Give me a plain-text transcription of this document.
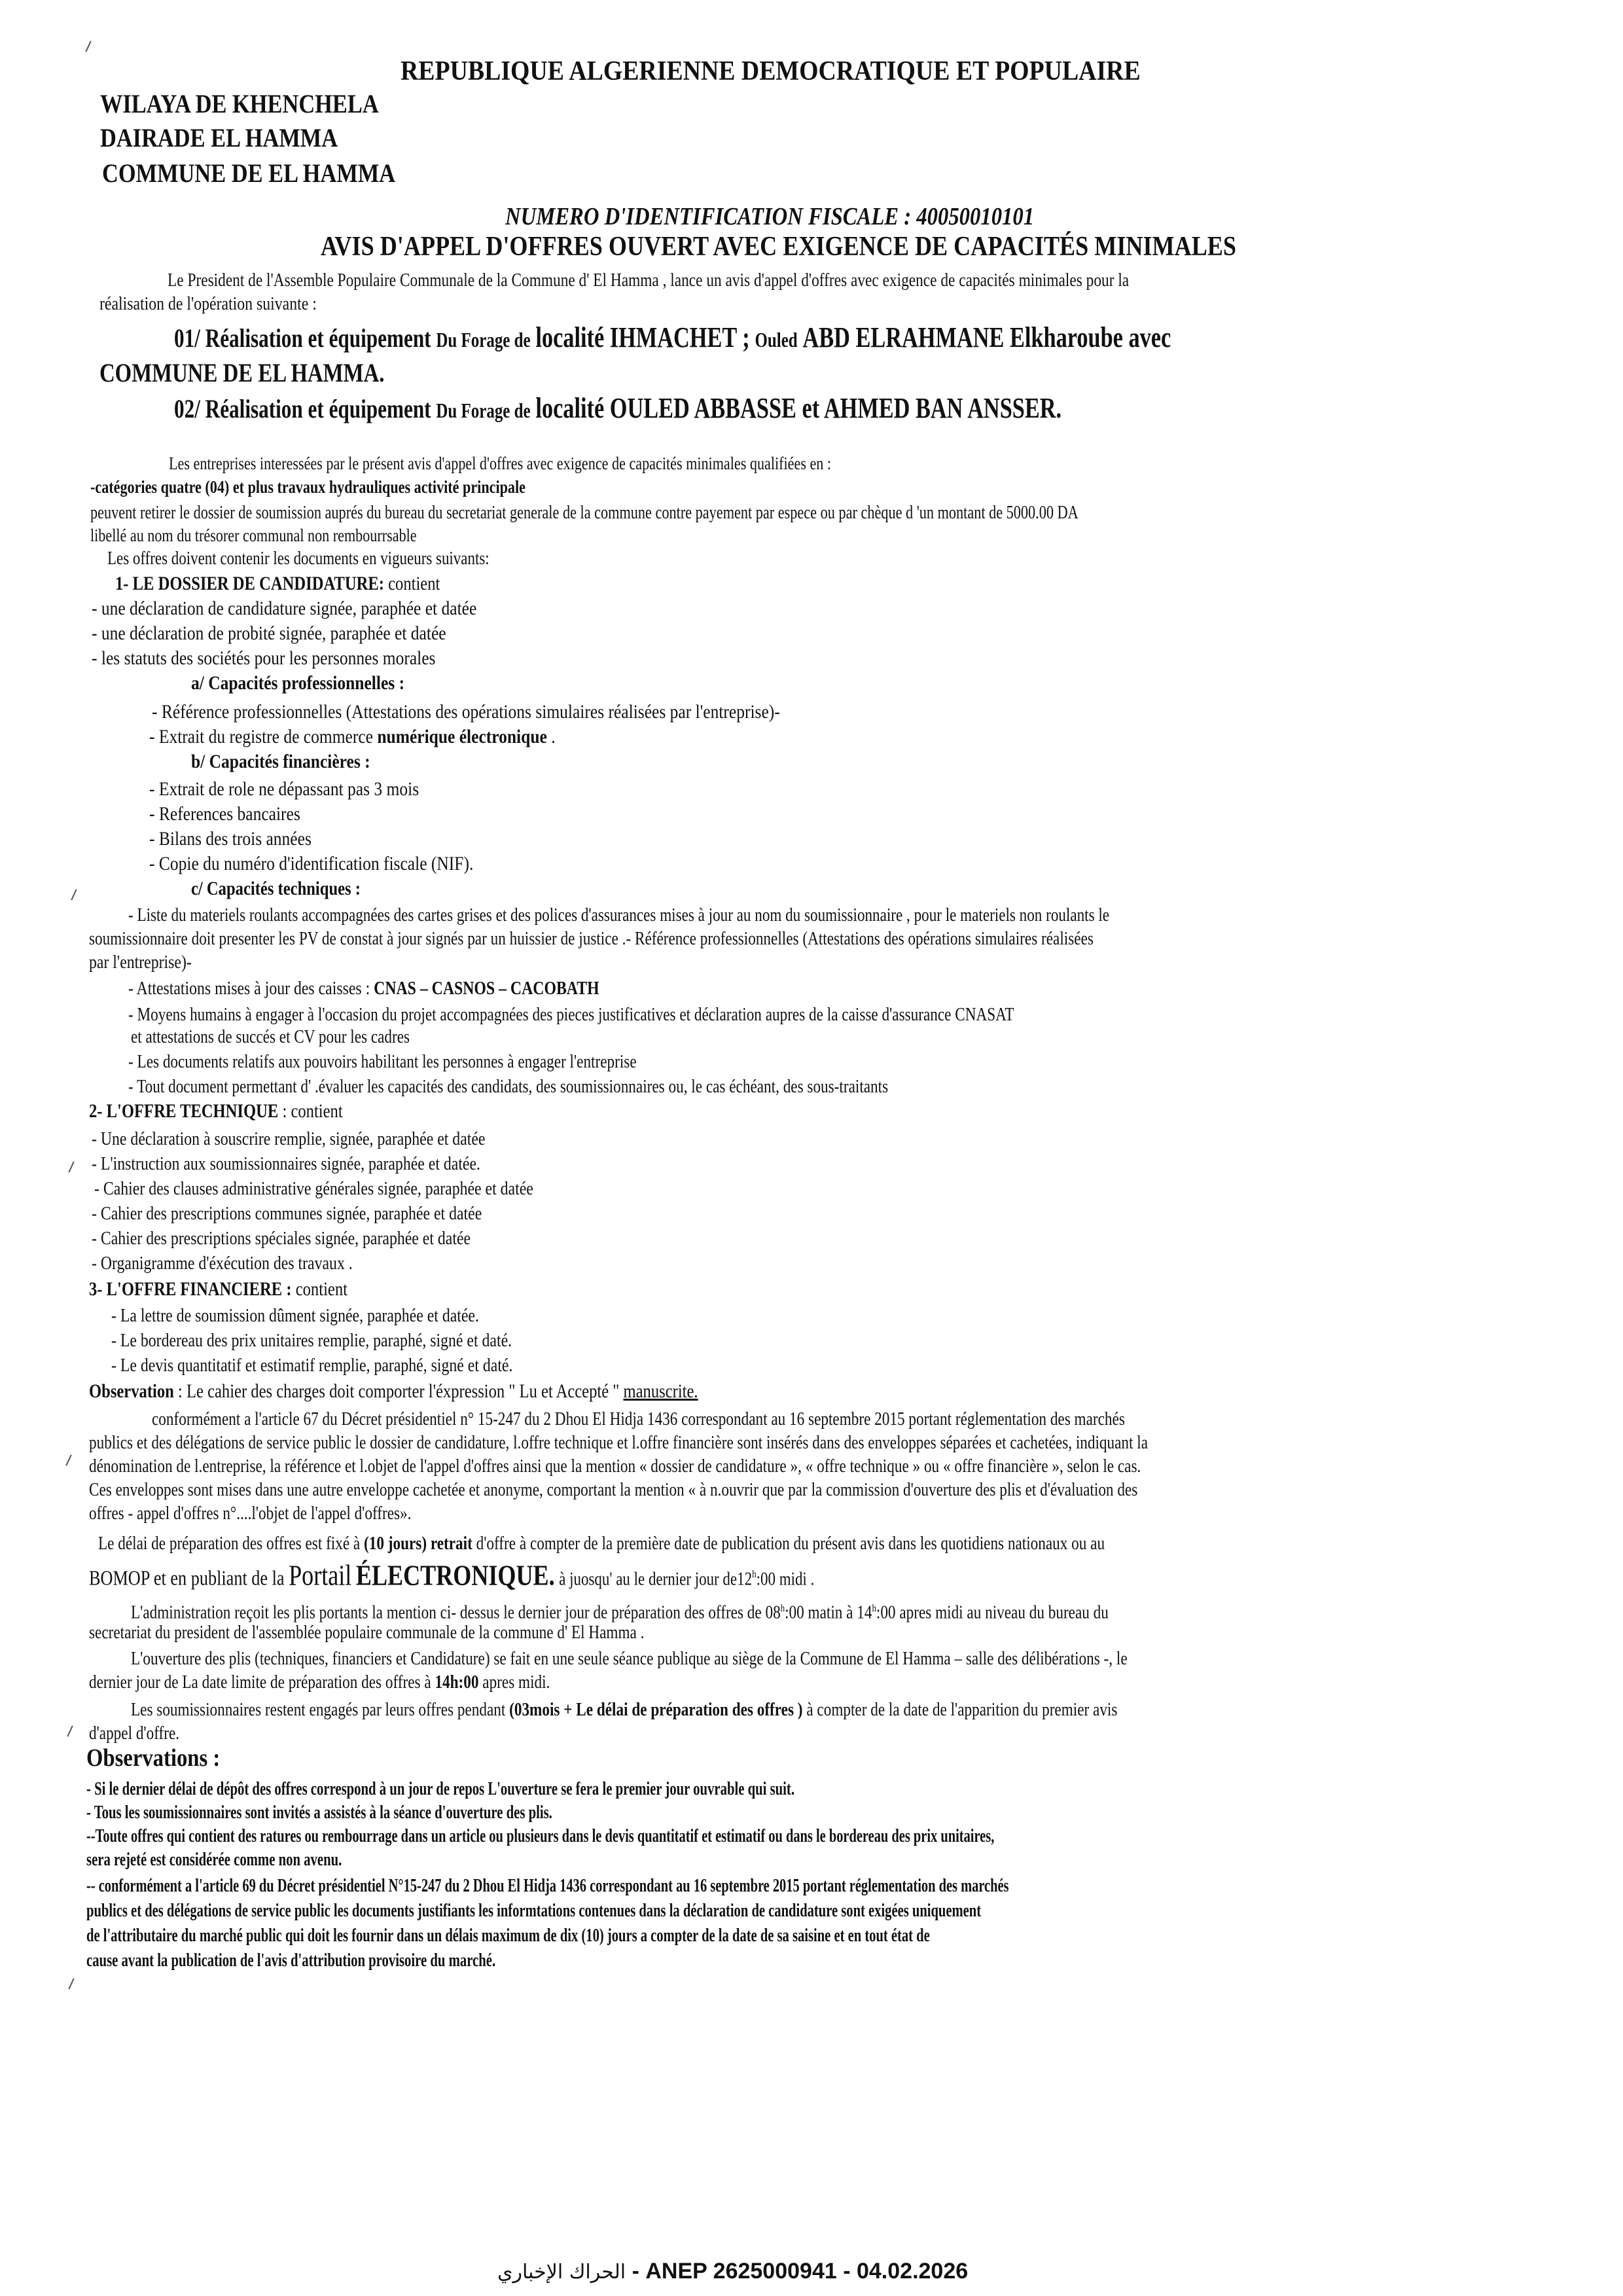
REPUBLIQUE ALGERIENNE DEMOCRATIQUE ET POPULAIRE
WILAYA DE KHENCHELA
DAIRADE EL HAMMA
COMMUNE DE EL HAMMA
NUMERO D'IDENTIFICATION FISCALE : 40050010101
AVIS D'APPEL D'OFFRES OUVERT AVEC EXIGENCE DE CAPACITÉS MINIMALES
Le President de l'Assemble Populaire Communale de la Commune d' El Hamma , lance un avis d'appel d'offres avec exigence de capacités minimales pour la
réalisation de l'opération suivante :
01/ Réalisation et équipement Du Forage de localité IHMACHET ; Ouled ABD ELRAHMANE Elkharoube avec
COMMUNE DE EL HAMMA.
02/ Réalisation et équipement Du Forage de localité OULED ABBASSE et AHMED BAN ANSSER.
Les entreprises interessées par le présent avis d'appel d'offres avec exigence de capacités minimales qualifiées en :
-catégories quatre (04) et plus travaux hydrauliques activité principale
peuvent retirer le dossier de soumission auprés du bureau du secretariat generale de la commune contre payement par espece ou par chèque d 'un montant de 5000.00 DA
libellé au nom du trésorer communal non rembourrsable
Les offres doivent contenir les documents en vigueurs suivants:
1- LE DOSSIER DE CANDIDATURE: contient
- une déclaration de candidature signée, paraphée et datée
- une déclaration de probité signée, paraphée et datée
- les statuts des sociétés pour les personnes morales
a/ Capacités professionnelles :
- Référence professionnelles (Attestations des opérations simulaires réalisées par l'entreprise)-
- Extrait du registre de commerce numérique électronique .
b/ Capacités financières :
- Extrait de role ne dépassant pas 3 mois
- References bancaires
- Bilans des trois années
- Copie du numéro d'identification fiscale (NIF).
c/ Capacités techniques :
- Liste du materiels roulants accompagnées des cartes grises et des polices d'assurances mises à jour au nom du soumissionnaire , pour le materiels non roulants le
soumissionnaire doit presenter les PV de constat à jour signés par un huissier de justice .- Référence professionnelles (Attestations des opérations simulaires réalisées
par l'entreprise)-
- Attestations mises à jour des caisses : CNAS – CASNOS – CACOBATH
- Moyens humains à engager à l'occasion du projet accompagnées des pieces justificatives et déclaration aupres de la caisse d'assurance CNASAT
et attestations de succés et CV pour les cadres
- Les documents relatifs aux pouvoirs habilitant les personnes à engager l'entreprise
- Tout document permettant d' .évaluer les capacités des candidats, des soumissionnaires ou, le cas échéant, des sous-traitants
2- L'OFFRE TECHNIQUE : contient
- Une déclaration à souscrire remplie, signée, paraphée et datée
- L'instruction aux soumissionnaires signée, paraphée et datée.
- Cahier des clauses administrative générales signée, paraphée et datée
- Cahier des prescriptions communes signée, paraphée et datée
- Cahier des prescriptions spéciales signée, paraphée et datée
- Organigramme d'éxécution des travaux .
3- L'OFFRE FINANCIERE : contient
- La lettre de soumission dûment signée, paraphée et datée.
- Le bordereau des prix unitaires remplie, paraphé, signé et daté.
- Le devis quantitatif et estimatif remplie, paraphé, signé et daté.
Observation : Le cahier des charges doit comporter l'éxpression " Lu et Accepté " manuscrite.
conformément a l'article 67 du Décret présidentiel n° 15-247 du 2 Dhou El Hidja 1436 correspondant au 16 septembre 2015 portant réglementation des marchés
publics et des délégations de service public le dossier de candidature, l.offre technique et l.offre financière sont insérés dans des enveloppes séparées et cachetées, indiquant la
dénomination de l.entreprise, la référence et l.objet de l'appel d'offres ainsi que la mention « dossier de candidature », « offre technique » ou « offre financière », selon le cas.
Ces enveloppes sont mises dans une autre enveloppe cachetée et anonyme, comportant la mention « à n.ouvrir que par la commission d'ouverture des plis et d'évaluation des
offres - appel d'offres n°....l'objet de l'appel d'offres».
Le délai de préparation des offres est fixé à (10 jours) retrait d'offre à compter de la première date de publication du présent avis dans les quotidiens nationaux ou au
BOMOP et en publiant de la Portail ÉLECTRONIQUE. à juosqu' au le dernier jour de12$^h$:00 midi .
L'administration reçoit les plis portants la mention ci- dessus le dernier jour de préparation des offres de 08$^h$:00 matin à 14$^h$:00 apres midi au niveau du bureau du
secretariat du president de l'assemblée populaire communale de la commune d' El Hamma .
L'ouverture des plis (techniques, financiers et Candidature) se fait en une seule séance publique au siège de la Commune de El Hamma – salle des délibérations -, le
dernier jour de La date limite de préparation des offres à 14h:00 apres midi.
Les soumissionnaires restent engagés par leurs offres pendant (03mois + Le délai de préparation des offres ) à compter de la date de l'apparition du premier avis
d'appel d'offre.
Observations :
- Si le dernier délai de dépôt des offres correspond à un jour de repos L'ouverture se fera le premier jour ouvrable qui suit.
- Tous les soumissionnaires sont invités a assistés à la séance d'ouverture des plis.
--Toute offres qui contient des ratures ou rembourrage dans un article ou plusieurs dans le devis quantitatif et estimatif ou dans le bordereau des prix unitaires,
sera rejeté est considérée comme non avenu.
-- conformément a l'article 69 du Décret présidentiel N°15-247 du 2 Dhou El Hidja 1436 correspondant au 16 septembre 2015 portant réglementation des marchés
publics et des délégations de service public les documents justifiants les informtations contenues dans la déclaration de candidature sont exigées uniquement
de l'attributaire du marché public qui doit les fournir dans un délais maximum de dix (10) jours a compter de la date de sa saisine et en tout état de
cause avant la publication de l'avis d'attribution provisoire du marché.
الحراك الإخباري - ANEP 2625000941 - 04.02.2026
